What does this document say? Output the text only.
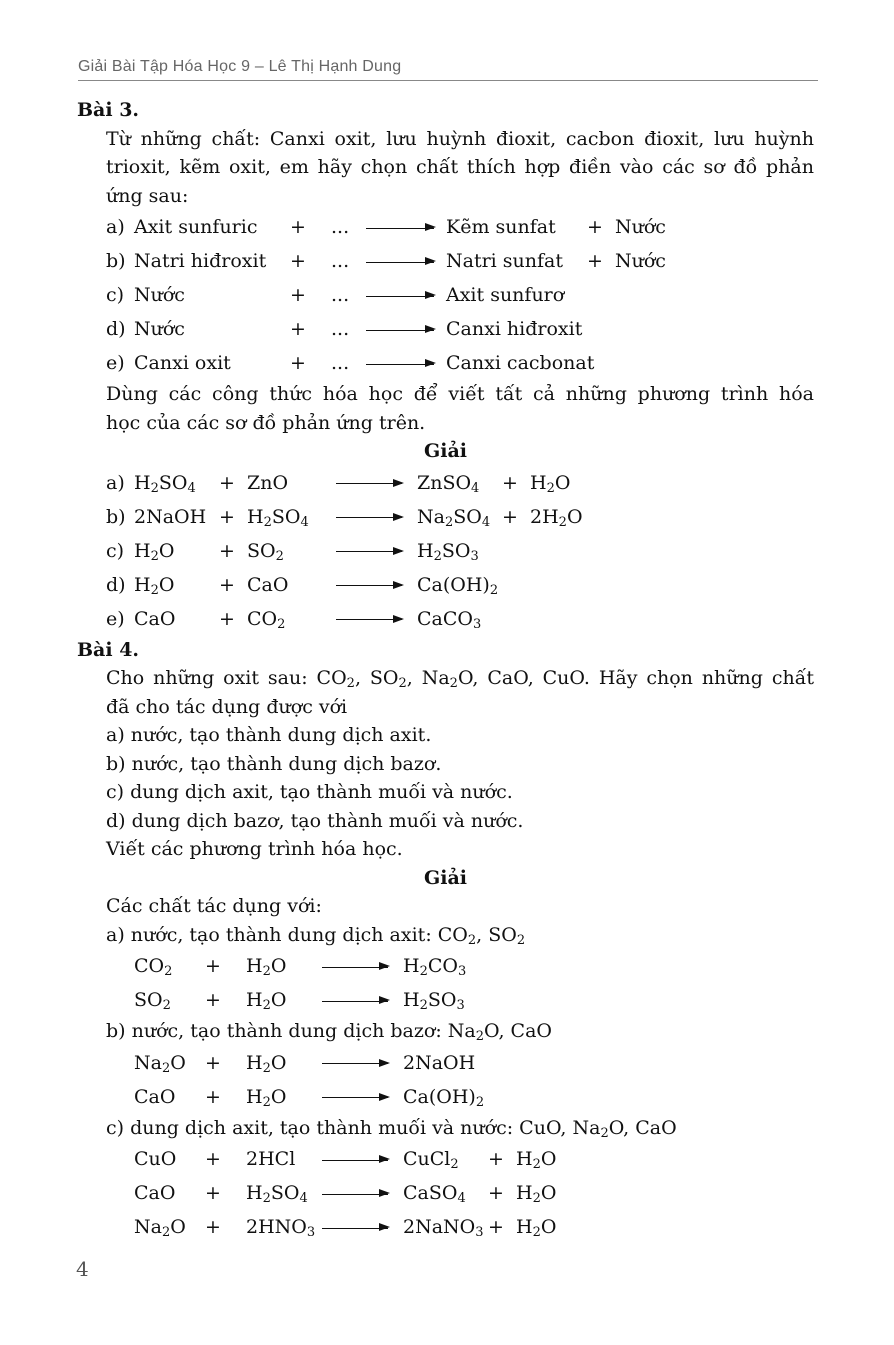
Giải Bài Tập Hóa Học 9 – Lê Thị Hạnh Dung
Bài 3.
Từ những chất: Canxi oxit, lưu huỳnh đioxit, cacbon đioxit, lưu huỳnh
trioxit, kẽm oxit, em hãy chọn chất thích hợp điền vào các sơ đồ phản
ứng sau:
a) Axit sunfuric + ... → Kẽm sunfat + Nước
b) Natri hiđroxit + ... → Natri sunfat + Nước
c) Nước	+ ... → Axit sunfurơ
d) Nước	+ ... → Canxi hiđroxit
e) Canxi oxit	+ ... → Canxi cacbonat
Dùng các công thức hóa học để viết tất cả những phương trình hóa
học của các sơ đồ phản ứng trên.
Giải
a) $H_2SO_4$ + ZnO	→ ZnSO$_4$ + $H_2O$
b) 2NaOH + $H_2SO_4 \to Na_2SO_4 + 2H_2O$
c) $H_2O + SO_2$	→ $H_2SO_3$
d) $H_2O$ + CaO	→ $Ca(OH)_2$
e) CaO + $CO_2$	→ CaCO$_3$
Bài 4.
Cho những oxit sau: $CO_2$, $SO_2$, $Na_2O$, CaO, CuO. Hãy chọn những chất
đã cho tác dụng được với
a) nước, tạo thành dung dịch axit.
b) nước, tạo thành dung dịch bazơ.
c) dung dịch axit, tạo thành muối và nước.
d) dung dịch bazơ, tạo thành muối và nước.
Viết các phương trình hóa học.
Giải
Các chất tác dụng với:
a) nước, tạo thành dung dịch axit: $CO_2$, $SO_2$
$CO_2 + H_2O \to H_2CO_3$
$SO_2 + H_2O \to H_2SO_3$
b) nước, tạo thành dung dịch bazơ: $Na_2O$, CaO
$Na_2O + H_2O$ → 2NaOH
CaO + $H_2O \to Ca(OH)_2$
c) dung dịch axit, tạo thành muối và nước: CuO, $Na_2O$, CaO
CuO + 2HCl → CuCl$_2$ + $H_2O$
CaO + $H_2SO_4$ → CaSO$_4$ + $H_2O$
$Na_2O + 2HNO_3$ → 2NaNO$_3$ + $H_2O$
4
